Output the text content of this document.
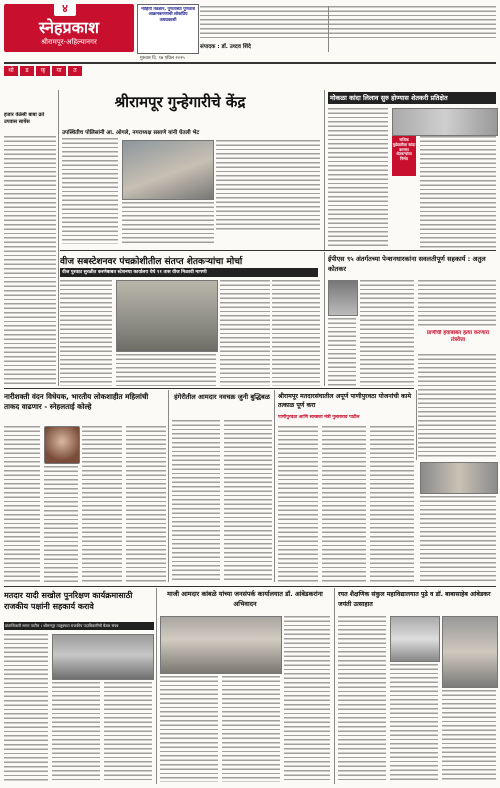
४
स्नेहप्रकाश
श्रीरामपूर-अहिल्यानगर
माहिती तंत्रज्ञान, पुणतांब्या पुणतांबे आक्रमकपणाची लोकप्रिय तत्वप्रकाशी
संपादक : डॉ. उध्दव शिंदे
गुरुवार दि. १७ एप्रिल २०२५
थो	ड	क्	या	त
श्रीरामपूर गुन्हेगारीचे केंद्र
उपस्थितीच पोलिसांनी आ. ओगले, नगराध्यक्ष ससाणे यांनी घेतली भेट
हजार वेळेसी बाबा व्रते उपवास सायेंस
मोकळा कांदा लिलाव सुरु होण्यास शेतकरी प्रतिक्षेत
नाशिक मुळेतारीला कांदा करणार शेतकऱ्यांचा निर्णय
वीज सबस्टेशनवर पंचक्रोशीतील संतप्त शेतकऱ्यांचा मोर्चा
वीज पुरवठा सुरळीत करणेबाबत स्टेशनचा कार्यालय येथे ११ तास वीज मिळावी मागणी
ईपीएस ९५ अंतर्गतच्या पेन्शनधारकांना सवलतीपूर्ण सहकार्य : अतुल कोतकर
प्राणीची हवांबाबत हत्या करणारा तंत्रवेत्ता
नारीशक्ती वंदन विधेयक, भारतीय लोकशाहीत महिलांची ताकद वाढणार - स्नेहलताई कोल्हे
हंगेरीतील आमदार नवचक्र जुनी बुद्धिबळ	श्रीरामपूर मतदारसंघातील अपूर्ण पाणीपुरवठा योजनांची कामे तत्काळ पूर्ण करा
पाणीपुरवठा आणि स्वच्छता मंत्री गुलाबराव पाटील
मतदार यादी सखोल पुनरिक्षण कार्यक्रमासाठी राजकीय पक्षांनी सहकार्य करावे
प्रांताधिकारी सागर पाटील । श्रीरामपूर तालुक्यात राजकीय पदाधिकारींची बैठक संपन्न
माजी आमदार कांबळे यांच्या जनसंपर्क कार्यालयात डॉ. आंबेडकरांना अभिवादन
रयत शैक्षणिक संकुल महाविद्यालयात पुढे व डॉ. बाबासाहेब आंबेडकर जयंती उत्साहात
